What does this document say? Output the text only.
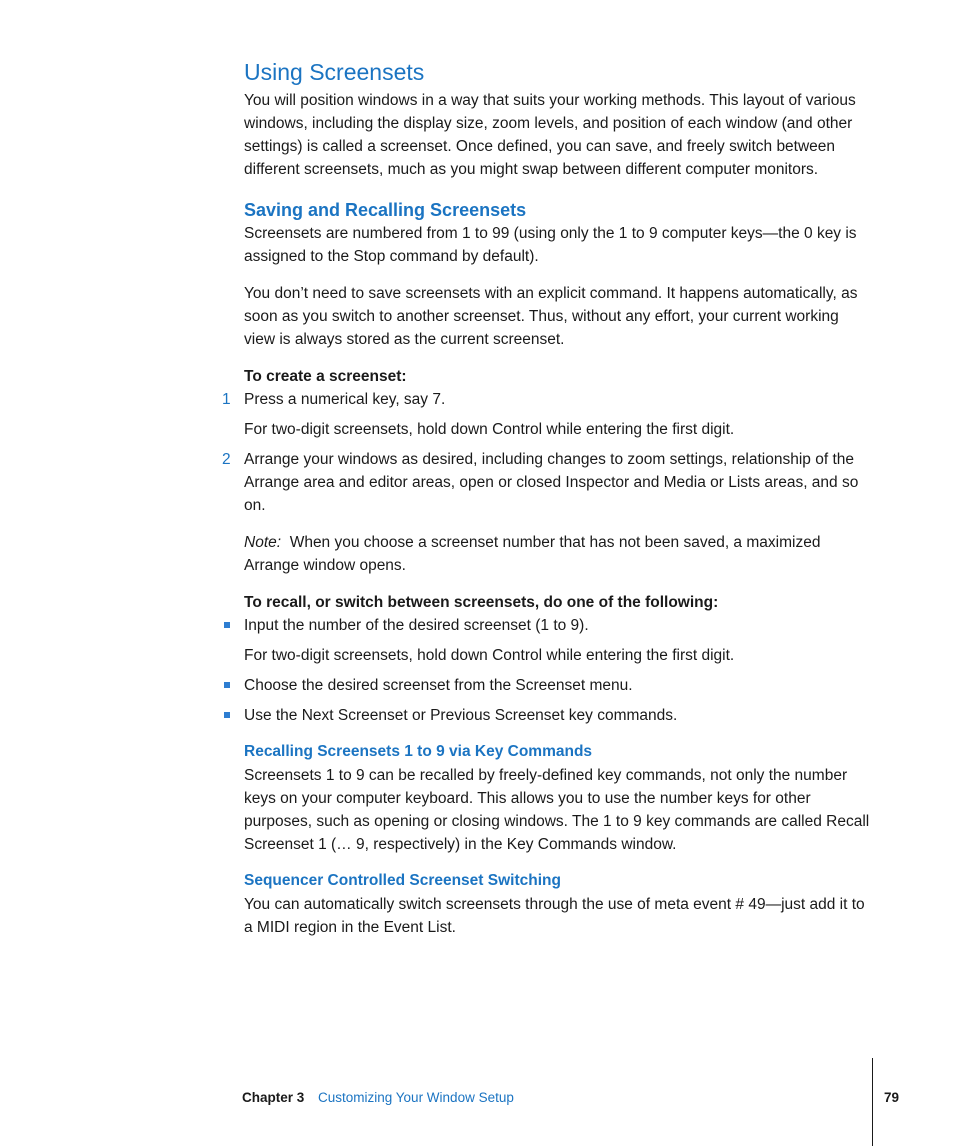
Using Screensets

You will position windows in a way that suits your working methods. This layout of various windows, including the display size, zoom levels, and position of each window (and other settings) is called a screenset. Once defined, you can save, and freely switch between different screensets, much as you might swap between different computer monitors.

Saving and Recalling Screensets

Screensets are numbered from 1 to 99 (using only the 1 to 9 computer keys—the 0 key is assigned to the Stop command by default).

You don’t need to save screensets with an explicit command. It happens automatically, as soon as you switch to another screenset. Thus, without any effort, your current working view is always stored as the current screenset.

To create a screenset:

1 Press a numerical key, say 7.

For two-digit screensets, hold down Control while entering the first digit.

2 Arrange your windows as desired, including changes to zoom settings, relationship of the Arrange area and editor areas, open or closed Inspector and Media or Lists areas, and so on.

Note: When you choose a screenset number that has not been saved, a maximized Arrange window opens.

To recall, or switch between screensets, do one of the following:

Input the number of the desired screenset (1 to 9).

For two-digit screensets, hold down Control while entering the first digit.

Choose the desired screenset from the Screenset menu.

Use the Next Screenset or Previous Screenset key commands.

Recalling Screensets 1 to 9 via Key Commands

Screensets 1 to 9 can be recalled by freely-defined key commands, not only the number keys on your computer keyboard. This allows you to use the number keys for other purposes, such as opening or closing windows. The 1 to 9 key commands are called Recall Screenset 1 (… 9, respectively) in the Key Commands window.

Sequencer Controlled Screenset Switching

You can automatically switch screensets through the use of meta event # 49—just add it to a MIDI region in the Event List.

Chapter 3 Customizing Your Window Setup	79
